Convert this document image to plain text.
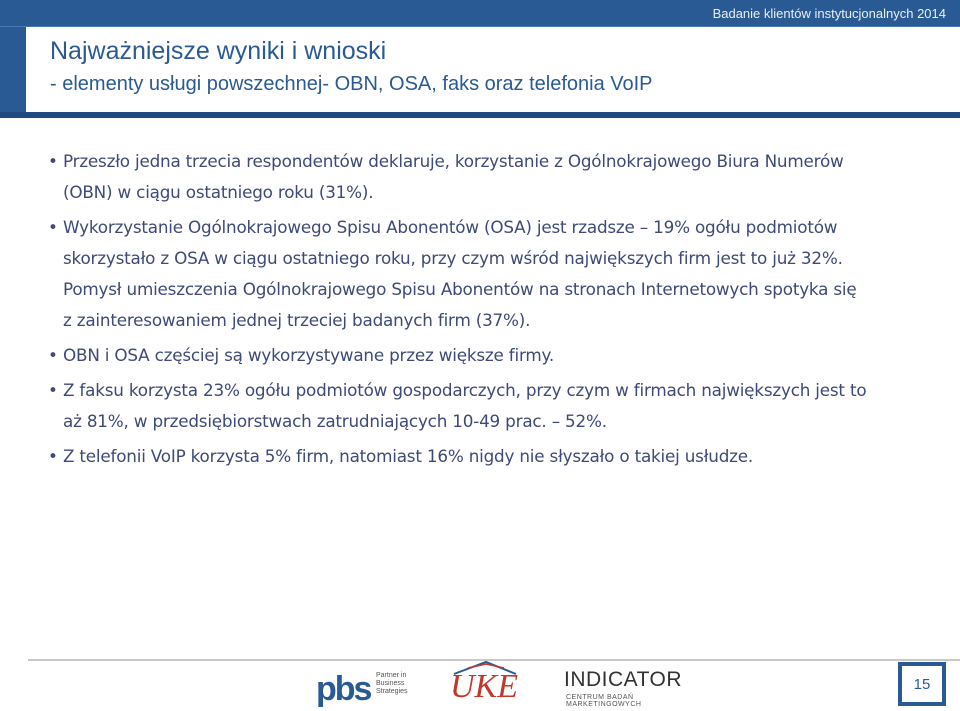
Badanie klientów instytucjonalnych 2014
Najważniejsze wyniki i wnioski
- elementy usługi powszechnej- OBN, OSA, faks oraz telefonia VoIP
• Przeszło jedna trzecia respondentów deklaruje, korzystanie z Ogólnokrajowego Biura Numerów
(OBN) w ciągu ostatniego roku (31%).
• Wykorzystanie Ogólnokrajowego Spisu Abonentów (OSA) jest rzadsze – 19% ogółu podmiotów
skorzystało z OSA w ciągu ostatniego roku, przy czym wśród największych firm jest to już 32%.
Pomysł umieszczenia Ogólnokrajowego Spisu Abonentów na stronach Internetowych spotyka się
z zainteresowaniem jednej trzeciej badanych firm (37%).
• OBN i OSA częściej są wykorzystywane przez większe firmy.
• Z faksu korzysta 23% ogółu podmiotów gospodarczych, przy czym w firmach największych jest to
aż 81%, w przedsiębiorstwach zatrudniających 10-49 prac. – 52%.
• Z telefonii VoIP korzysta 5% firm, natomiast 16% nigdy nie słyszało o takiej usłudze.
pbs Partner in
Business
Strategies UKE INDICATOR
CENTRUM BADAŃ MARKETINGOWYCH
15
